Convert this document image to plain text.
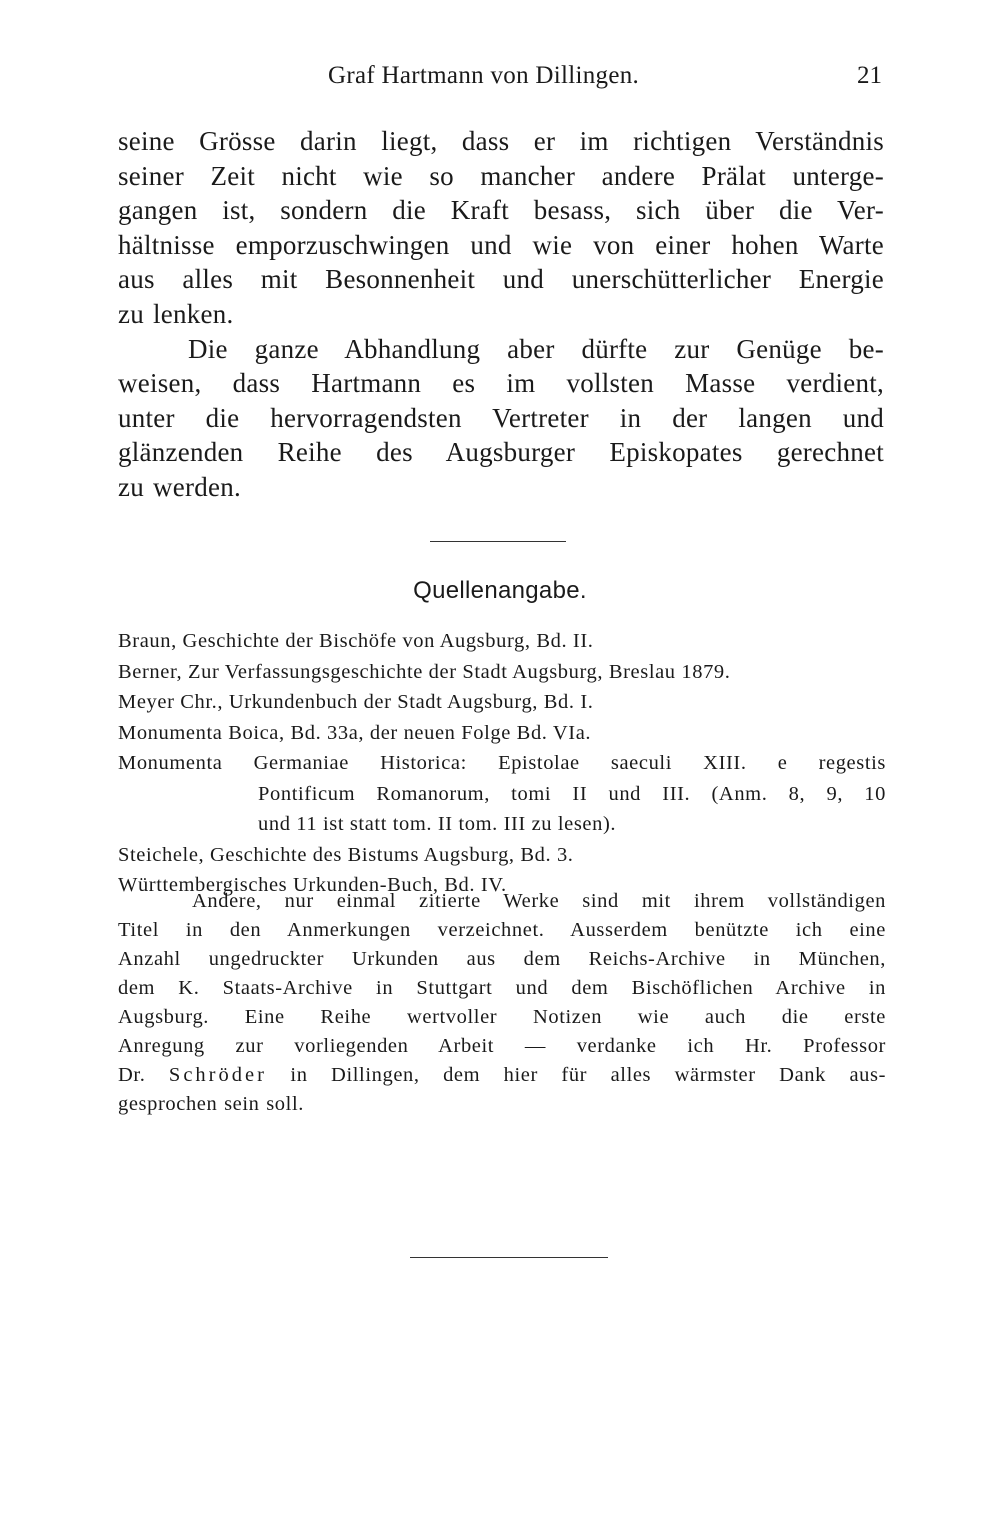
Graf Hartmann von Dillingen.	21
seine Grösse darin liegt, dass er im richtigen Verständnis
seiner Zeit nicht wie so mancher andere Prälat unterge-
gangen ist, sondern die Kraft besass, sich über die Ver-
hältnisse emporzuschwingen und wie von einer hohen Warte
aus alles mit Besonnenheit und unerschütterlicher Energie
zu lenken.
Die ganze Abhandlung aber dürfte zur Genüge be-
weisen, dass Hartmann es im vollsten Masse verdient,
unter die hervorragendsten Vertreter in der langen und
glänzenden Reihe des Augsburger Episkopates gerechnet
zu werden.
Quellenangabe.
Braun, Geschichte der Bischöfe von Augsburg, Bd. II.
Berner, Zur Verfassungsgeschichte der Stadt Augsburg, Breslau 1879.
Meyer Chr., Urkundenbuch der Stadt Augsburg, Bd. I.
Monumenta Boica, Bd. 33a, der neuen Folge Bd. VIa.
Monumenta Germaniae Historica: Epistolae saeculi XIII. e regestis
Pontificum Romanorum, tomi II und III. (Anm. 8, 9, 10
und 11 ist statt tom. II tom. III zu lesen).
Steichele, Geschichte des Bistums Augsburg, Bd. 3.
Württembergisches Urkunden-Buch, Bd. IV.
Andere, nur einmal zitierte Werke sind mit ihrem vollständigen
Titel in den Anmerkungen verzeichnet. Ausserdem benützte ich eine
Anzahl ungedruckter Urkunden aus dem Reichs-Archive in München,
dem K. Staats-Archive in Stuttgart und dem Bischöflichen Archive in
Augsburg. Eine Reihe wertvoller Notizen wie auch die erste
Anregung zur vorliegenden Arbeit — verdanke ich Hr. Professor
Dr. Schröder in Dillingen, dem hier für alles wärmster Dank aus-
gesprochen sein soll.
